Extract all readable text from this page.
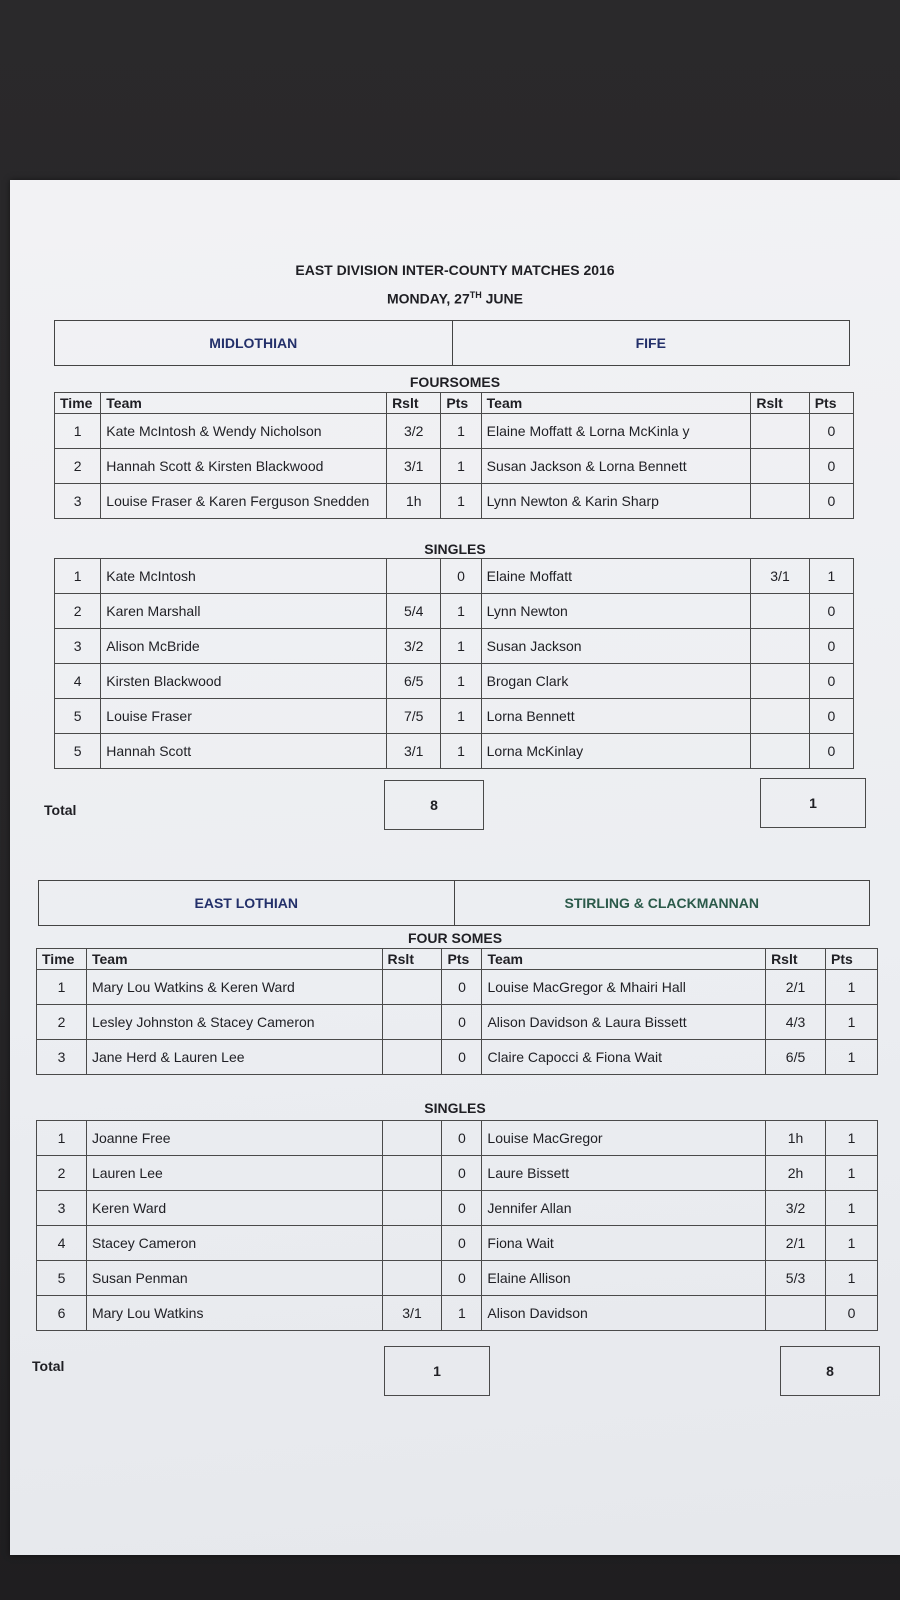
EAST DIVISION INTER-COUNTY MATCHES 2016
MONDAY, 27TH JUNE
MIDLOTHIAN	FIFE
FOURSOMES
Time	Team	Rslt	Pts	Team	Rslt	Pts
1	Kate McIntosh & Wendy Nicholson	3/2	1	Elaine Moffatt & Lorna McKinla y		0
2	Hannah Scott & Kirsten Blackwood	3/1	1	Susan Jackson & Lorna Bennett		0
3	Louise Fraser & Karen Ferguson Snedden	1h	1	Lynn Newton & Karin Sharp		0
SINGLES
1	Kate McIntosh		0	Elaine Moffatt	3/1	1
2	Karen Marshall	5/4	1	Lynn Newton		0
3	Alison McBride	3/2	1	Susan Jackson		0
4	Kirsten Blackwood	6/5	1	Brogan Clark		0
5	Louise Fraser	7/5	1	Lorna Bennett		0
5	Hannah Scott	3/1	1	Lorna McKinlay		0
Total	8	1
EAST LOTHIAN	STIRLING & CLACKMANNAN
FOUR SOMES
Time	Team	Rslt	Pts	Team	Rslt	Pts
1	Mary Lou Watkins & Keren Ward		0	Louise MacGregor & Mhairi Hall	2/1	1
2	Lesley Johnston & Stacey Cameron		0	Alison Davidson & Laura Bissett	4/3	1
3	Jane Herd & Lauren Lee		0	Claire Capocci & Fiona Wait	6/5	1
SINGLES
1	Joanne Free		0	Louise MacGregor	1h	1
2	Lauren Lee		0	Laure Bissett	2h	1
3	Keren Ward		0	Jennifer Allan	3/2	1
4	Stacey Cameron		0	Fiona Wait	2/1	1
5	Susan Penman		0	Elaine Allison	5/3	1
6	Mary Lou Watkins	3/1	1	Alison Davidson		0
Total	1	8
